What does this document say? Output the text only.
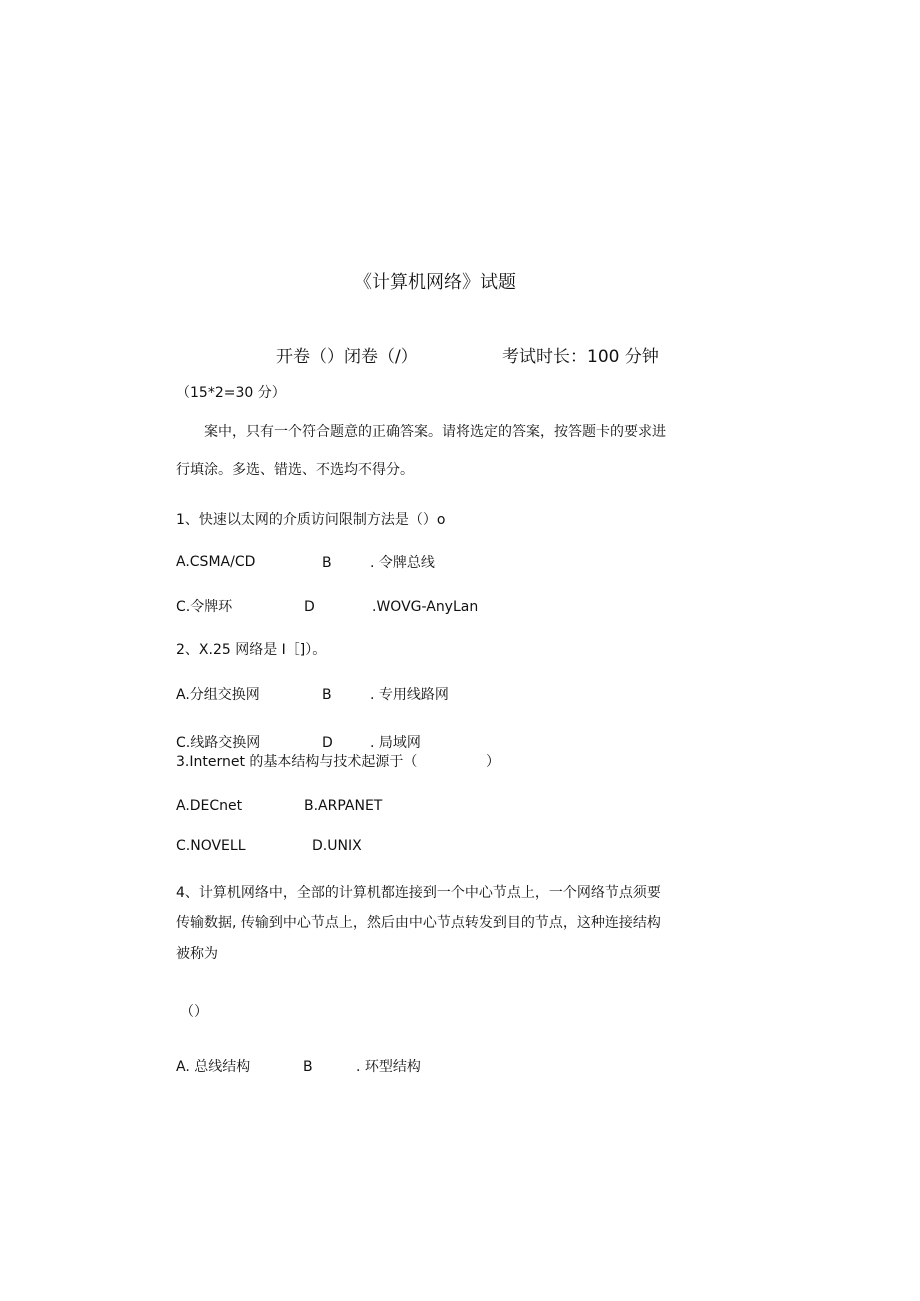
《计算机网络》试题
开卷（）闭卷（/）	考试时长：100 分钟
（15*2=30 分）
案中，只有一个符合题意的正确答案。请将选定的答案，按答题卡的要求进
行填涂。多选、错选、不选均不得分。
1、快速以太网的介质访问限制方法是（）o
A.CSMA/CD	B	. 令牌总线
C.令牌环	D	.WOVG-AnyLan
2、X.25 网络是 I［]）。
A.分组交换网	B	. 专用线路网
C.线路交换网	D	. 局域网
3.Internet 的基本结构与技术起源于（	）
A.DECnet	B.ARPANET
C.NOVELL	D.UNIX
4、计算机网络中，全部的计算机都连接到一个中心节点上，一个网络节点须要
传输数据, 传输到中心节点上，然后由中心节点转发到目的节点，这种连接结构
被称为
（）
A. 总线结构	B	. 环型结构
